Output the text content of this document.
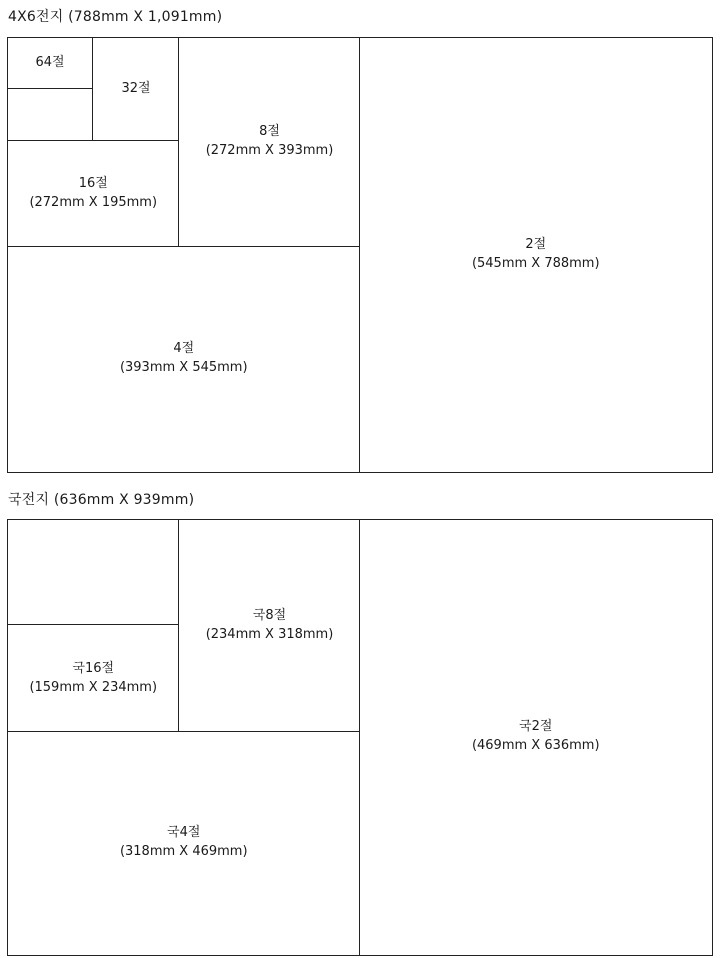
4X6전지 (788mm X 1,091mm)
64절
32절
16절
(272mm X 195mm)
8절
(272mm X 393mm)
4절
(393mm X 545mm)
2절
(545mm X 788mm)
국전지 (636mm X 939mm)
국16절
(159mm X 234mm)
국8절
(234mm X 318mm)
국4절
(318mm X 469mm)
국2절
(469mm X 636mm)
